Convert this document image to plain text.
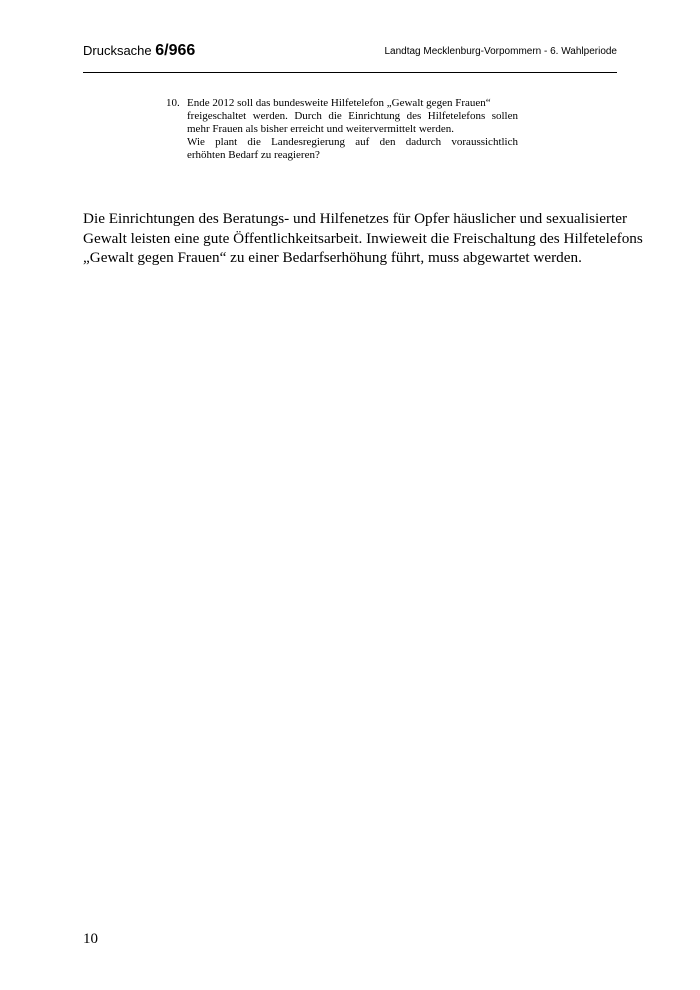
Drucksache 6/966	Landtag Mecklenburg-Vorpommern - 6. Wahlperiode
10. Ende 2012 soll das bundesweite Hilfetelefon „Gewalt gegen Frauen“
freigeschaltet werden. Durch die Einrichtung des Hilfetelefons sollen
mehr Frauen als bisher erreicht und weitervermittelt werden.
Wie plant die Landesregierung auf den dadurch voraussichtlich
erhöhten Bedarf zu reagieren?
Die Einrichtungen des Beratungs- und Hilfenetzes für Opfer häuslicher und sexualisierter
Gewalt leisten eine gute Öffentlichkeitsarbeit. Inwieweit die Freischaltung des Hilfetelefons
„Gewalt gegen Frauen“ zu einer Bedarfserhöhung führt, muss abgewartet werden.
10
